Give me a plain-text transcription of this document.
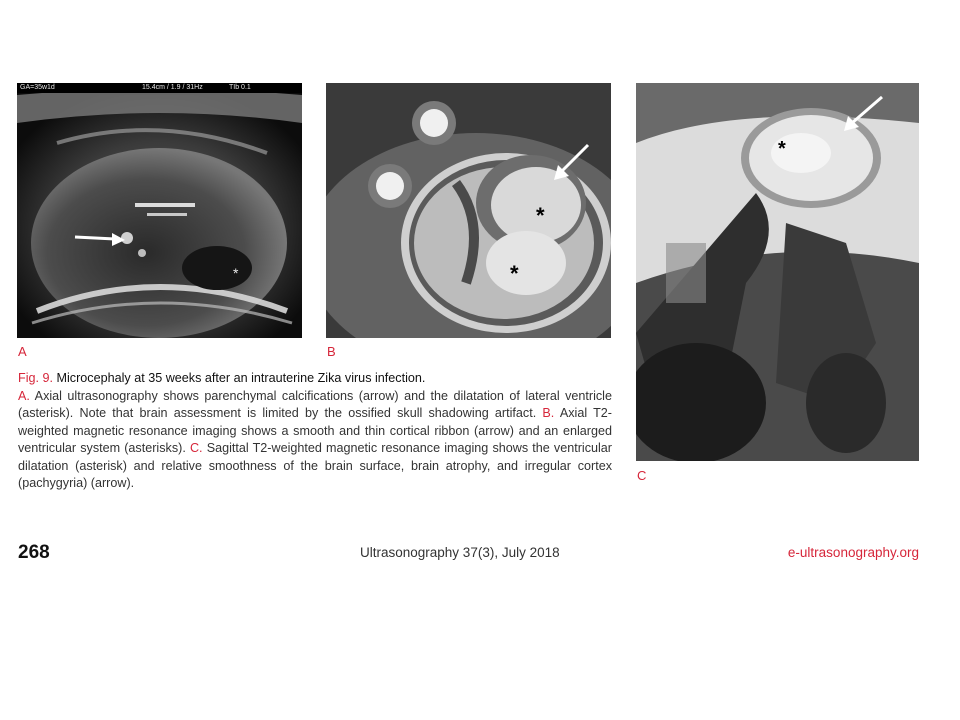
*
GA=35w1d	15.4cm / 1.9 / 31Hz	TIb 0.1
*
*
*
A	B
C

Fig. 9. Microcephaly at 35 weeks after an intrauterine Zika virus infection.
A. Axial ultrasonography shows parenchymal calcifications (arrow) and the dilatation of lateral ventricle (asterisk). Note that brain assessment is limited by the ossified skull shadowing artifact. B. Axial T2-weighted magnetic resonance imaging shows a smooth and thin cortical ribbon (arrow) and an enlarged ventricular system (asterisks). C. Sagittal T2-weighted magnetic resonance imaging shows the ventricular dilatation (asterisk) and relative smoothness of the brain surface, brain atrophy, and irregular cortex (pachygyria) (arrow).

268	Ultrasonography 37(3), July 2018	e-ultrasonography.org
